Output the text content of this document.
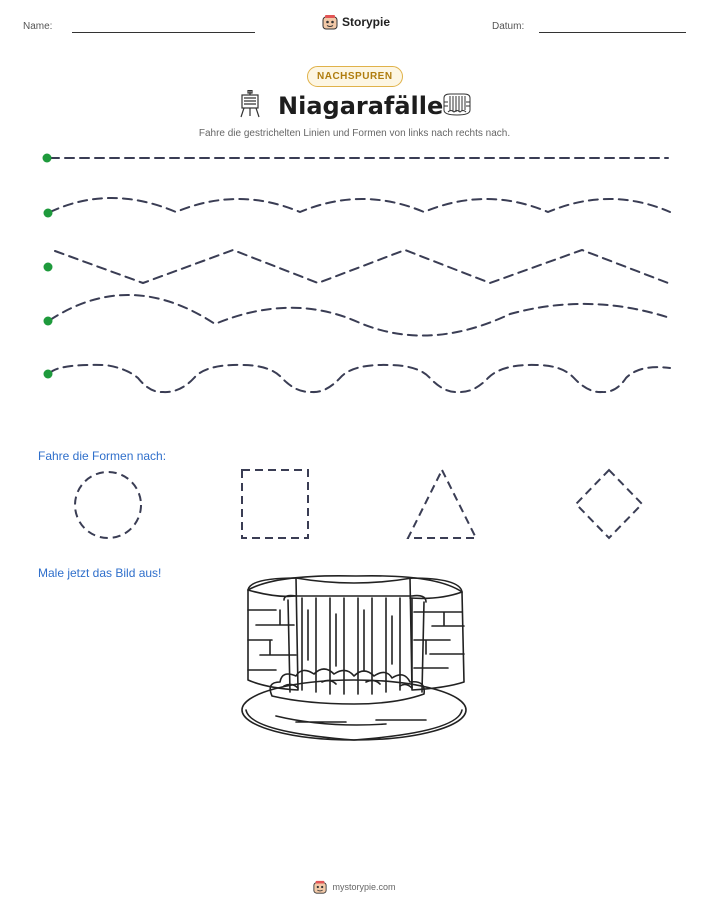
Name:	Storypie	Datum:
NACHSPUREN
Niagarafälle
Fahre die gestrichelten Linien und Formen von links nach rechts nach.
Fahre die Formen nach:
Male jetzt das Bild aus!
mystorypie.com
